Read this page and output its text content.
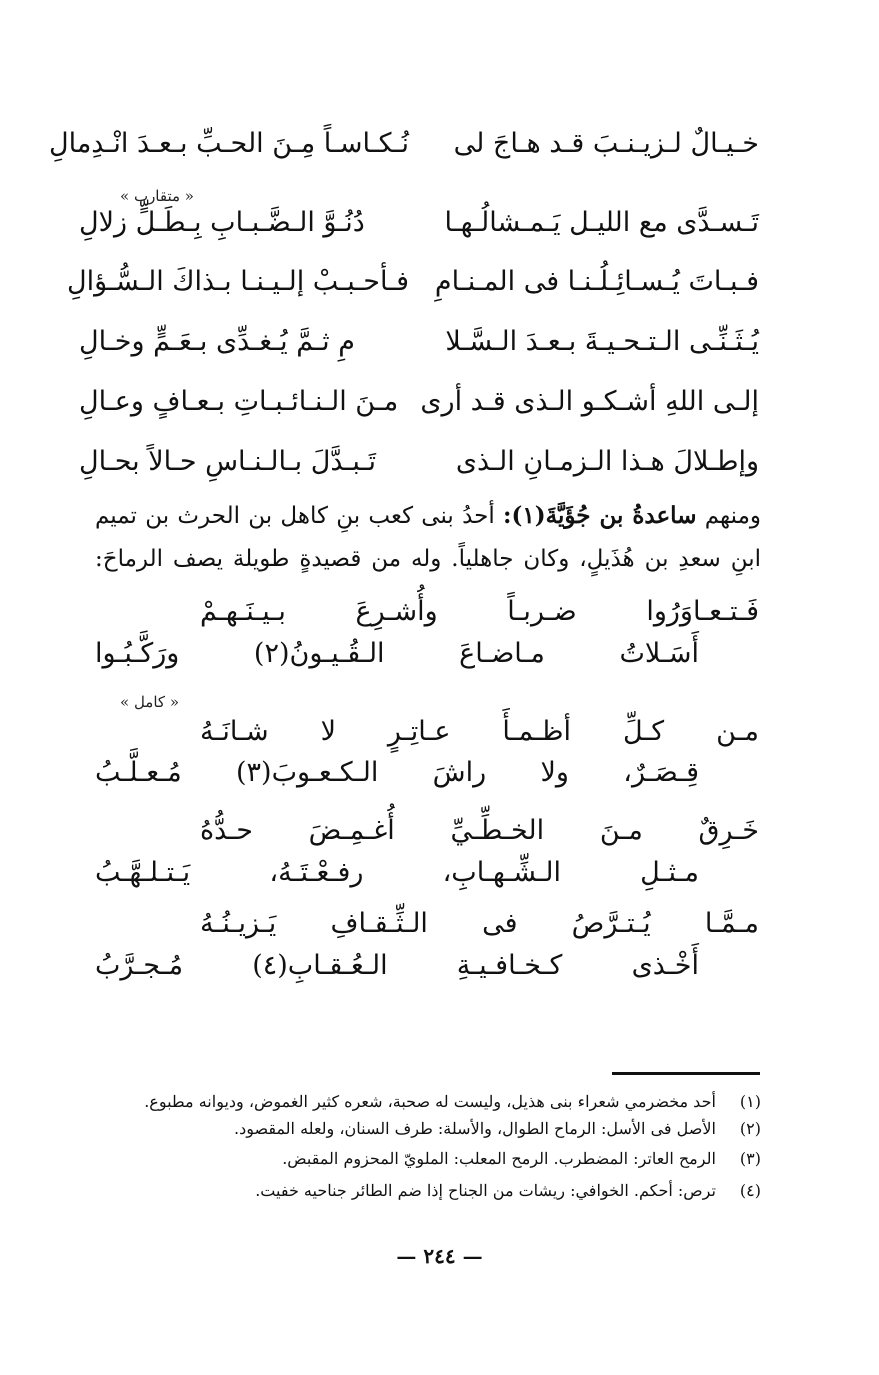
خـيـالٌ لـزيـنـبَ قـد هـاجَ لى
نُـكـاسـاً مِـنَ الحـبِّ بـعـدَ انْـدِمالِ
« متقارب »
تَـسـدَّى مع الليـل يَـمـشالُـهـا
دُنُـوَّ الـضَّـبـابِ بِـطَـلٍّ زلالِ
فـبـاتَ يُـسـائِـلُـنـا فى المـنـامِ
فـأحـبـبْ إلـيـنـا بـذاكَ الـسُّـؤالِ
يُـثَـنِّـى الـتـحـيـةَ بـعـدَ الـسَّـلا
مِ ثـمَّ يُـغـدِّى بـعَـمٍّ وخـالِ
إلـى اللهِ أشـكـو الـذى قـد أرى
مـنَ الـنـائـبـاتِ بـعـافٍ وعـالِ
وإطـلالَ هـذا الـزمـانِ الـذى
تَـبـدَّلَ بـالـنـاسِ حـالاً بحـالِ
ومنهم ساعدةُ بن جُؤَيَّةَ(١): أحدُ بنى كعب بنِ كاهل بن الحرث بن تميم
ابنِ سعدِ بن هُذَيلٍ، وكان جاهلياً. وله من قصيدةٍ طويلة يصف الرماحَ:
فَـتـعـاوَرُوا ضـربـاً وأُشـرِعَ بـيـنَـهـمْ
أَسَـلاتُ مـاضـاعَ الـقُـيـونُ(٢) ورَكَّـبُـوا
« كامل »
مـن كـلِّ أظـمـأَ عـاتِـرٍ لا شـانَـهُ
قِـصَـرٌ، ولا راشَ الـكـعـوبَ(٣) مُـعـلَّـبُ
خَـرِقٌ مـنَ الخـطِّـيِّ أُغـمِـضَ حـدُّهُ
مـثـلِ الـشِّـهـابِ، رفـعْـتَـهُ، يَـتـلـهَّـبُ
مـمَّـا يُـتـرَّصُ فى الـثِّـقـافِ يَـزيـنُـهُ
أَخْـذى كـخـافـيـةِ الـعُـقـابِ(٤) مُـجـرَّبُ
(١) أحد مخضرمي شعراء بنى هذيل، وليست له صحبة، شعره كثير الغموض، وديوانه مطبوع.
(٢) الأصل فى الأسل: الرماح الطوال، والأسلة: طرف السنان، ولعله المقصود.
(٣) الرمح العاتر: المضطرب. الرمح المعلب: الملويّ المحزوم المقبض.
(٤) ترص: أحكم. الخوافي: ريشات من الجناح إذا ضم الطائر جناحيه خفيت.
— ٢٤٤ —
